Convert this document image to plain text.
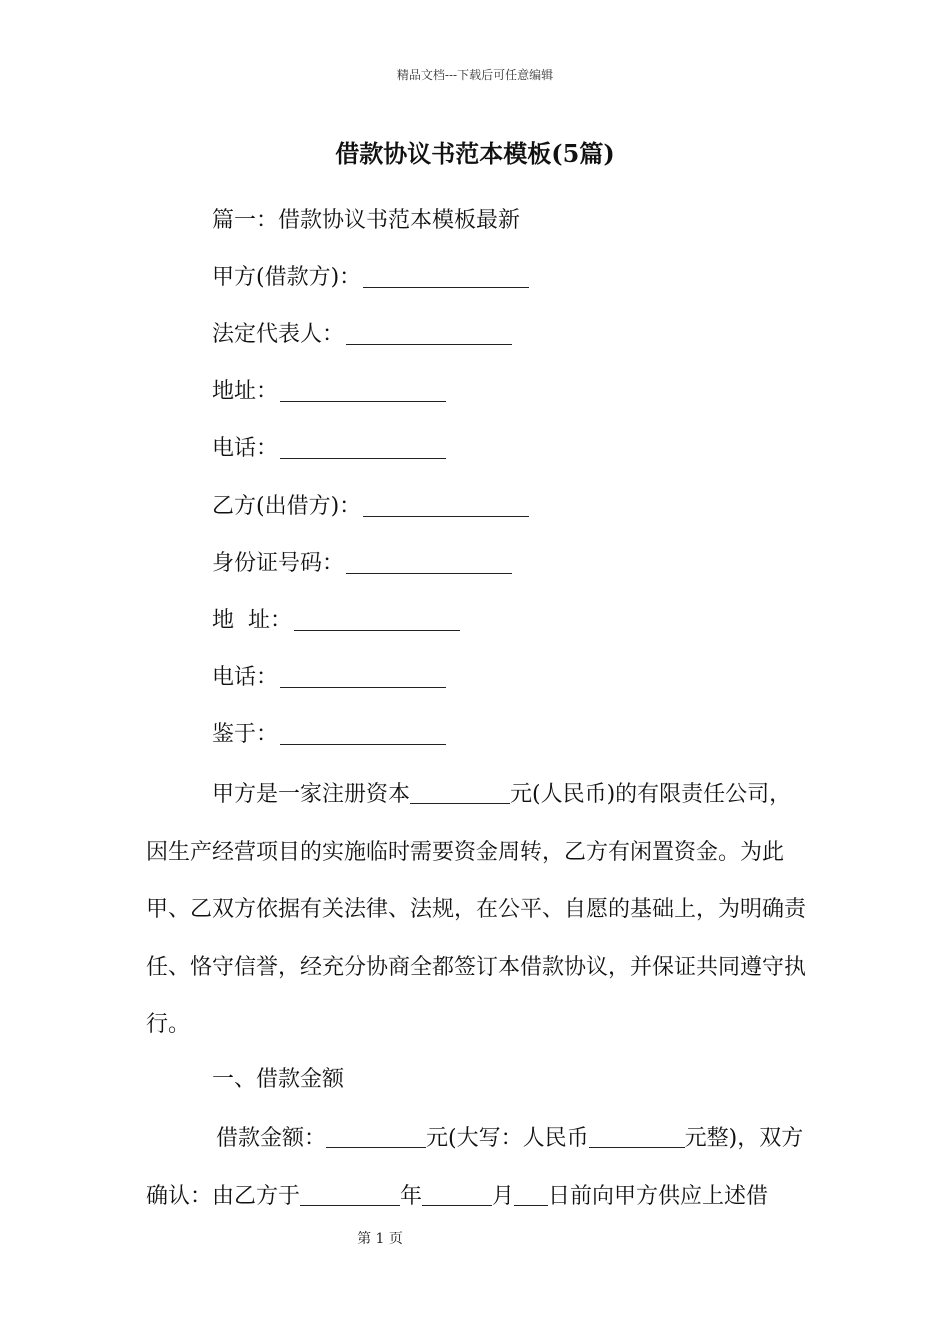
精品文档---下载后可任意编辑
借款协议书范本模板(5篇)
篇一：借款协议书范本模板最新
甲方(借款方)：
法定代表人：
地址：
电话：
乙方(出借方)：
身份证号码：
地  址：
电话：
鉴于：
甲方是一家注册资本	元(人民币)的有限责任公司，因生产经营项目的实施临时需要资金周转，乙方有闲置资金。为此甲、乙双方依据有关法律、法规，在公平、自愿的基础上，为明确责任、恪守信誉，经充分协商全都签订本借款协议，并保证共同遵守执行。
一、借款金额
借款金额：	元(大写：人民币	元整)，双方确认：由乙方于	年	月 日前向甲方供应上述借
第 1 页
